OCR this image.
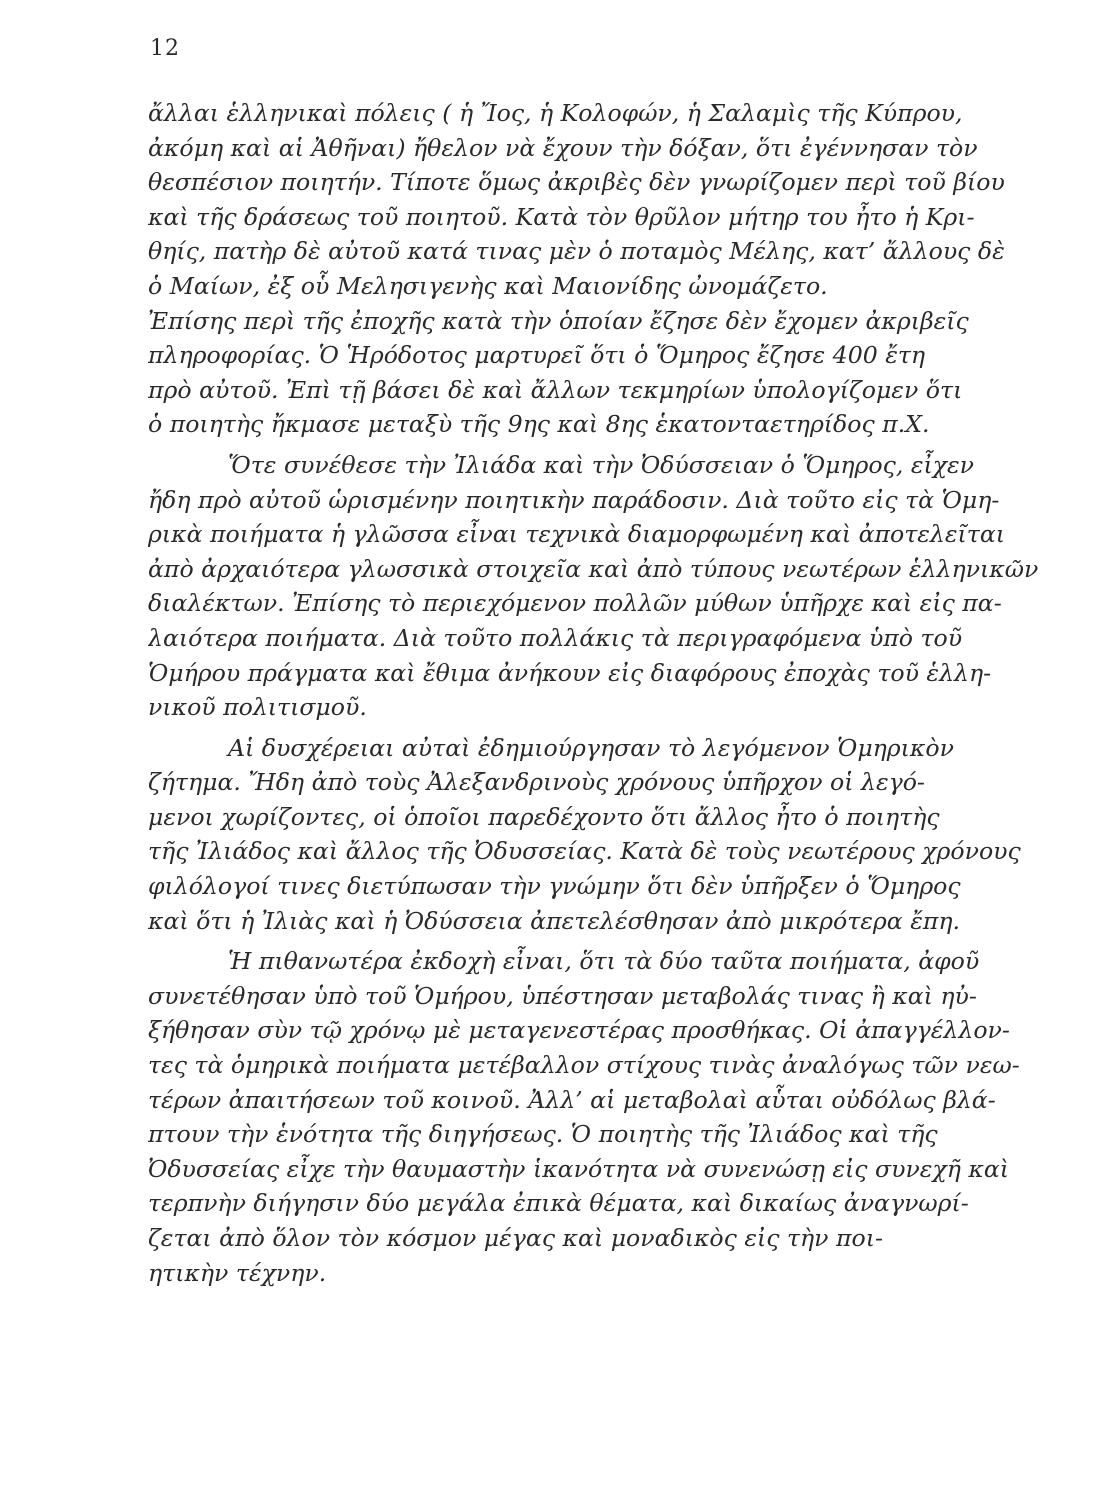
12
ἄλλαι ἑλληνικαὶ πόλεις ( ἡ Ἴος, ἡ Κολοφών, ἡ Σαλαμὶς τῆς Κύπρου,
ἀκόμη καὶ αἱ Ἀθῆναι) ἤθελον νὰ ἔχουν τὴν δόξαν, ὅτι ἐγέννησαν τὸν
θεσπέσιον ποιητήν. Τίποτε ὅμως ἀκριβὲς δὲν γνωρίζομεν περὶ τοῦ βίου
καὶ τῆς δράσεως τοῦ ποιητοῦ. Κατὰ τὸν θρῦλον μήτηρ του ἦτο ἡ Κρι-
θηίς, πατὴρ δὲ αὐτοῦ κατά τινας μὲν ὁ ποταμὸς Μέλης, κατ’ ἄλλους δὲ
ὁ Μαίων, ἐξ οὗ Μελησιγενὴς καὶ Μαιονίδης ὠνομάζετο.
Ἐπίσης περὶ τῆς ἐποχῆς κατὰ τὴν ὁποίαν ἔζησε δὲν ἔχομεν ἀκριβεῖς
πληροφορίας. Ὁ Ἡρόδοτος μαρτυρεῖ ὅτι ὁ Ὅμηρος ἔζησε 400 ἔτη
πρὸ αὐτοῦ. Ἐπὶ τῇ βάσει δὲ καὶ ἄλλων τεκμηρίων ὑπολογίζομεν ὅτι
ὁ ποιητὴς ἤκμασε μεταξὺ τῆς 9ης καὶ 8ης ἑκατονταετηρίδος π.Χ.
Ὅτε συνέθεσε τὴν Ἰλιάδα καὶ τὴν Ὀδύσσειαν ὁ Ὅμηρος, εἶχεν
ἤδη πρὸ αὐτοῦ ὡρισμένην ποιητικὴν παράδοσιν. Διὰ τοῦτο εἰς τὰ Ὁμη-
ρικὰ ποιήματα ἡ γλῶσσα εἶναι τεχνικὰ διαμορφωμένη καὶ ἀποτελεῖται
ἀπὸ ἀρχαιότερα γλωσσικὰ στοιχεῖα καὶ ἀπὸ τύπους νεωτέρων ἑλληνικῶν
διαλέκτων. Ἐπίσης τὸ περιεχόμενον πολλῶν μύθων ὑπῆρχε καὶ εἰς πα-
λαιότερα ποιήματα. Διὰ τοῦτο πολλάκις τὰ περιγραφόμενα ὑπὸ τοῦ
Ὁμήρου πράγματα καὶ ἔθιμα ἀνήκουν εἰς διαφόρους ἐποχὰς τοῦ ἑλλη-
νικοῦ πολιτισμοῦ.
Αἱ δυσχέρειαι αὐταὶ ἐδημιούργησαν τὸ λεγόμενον Ὁμηρικὸν
ζήτημα. Ἤδη ἀπὸ τοὺς Ἀλεξανδρινοὺς χρόνους ὑπῆρχον οἱ λεγό-
μενοι χωρίζοντες, οἱ ὁποῖοι παρεδέχοντο ὅτι ἄλλος ἦτο ὁ ποιητὴς
τῆς Ἰλιάδος καὶ ἄλλος τῆς Ὀδυσσείας. Κατὰ δὲ τοὺς νεωτέρους χρόνους
φιλόλογοί τινες διετύπωσαν τὴν γνώμην ὅτι δὲν ὑπῆρξεν ὁ Ὅμηρος
καὶ ὅτι ἡ Ἰλιὰς καὶ ἡ Ὀδύσσεια ἀπετελέσθησαν ἀπὸ μικρότερα ἔπη.
Ἡ πιθανωτέρα ἐκδοχὴ εἶναι, ὅτι τὰ δύο ταῦτα ποιήματα, ἀφοῦ
συνετέθησαν ὑπὸ τοῦ Ὁμήρου, ὑπέστησαν μεταβολάς τινας ἢ καὶ ηὐ-
ξήθησαν σὺν τῷ χρόνῳ μὲ μεταγενεστέρας προσθήκας. Οἱ ἀπαγγέλλον-
τες τὰ ὁμηρικὰ ποιήματα μετέβαλλον στίχους τινὰς ἀναλόγως τῶν νεω-
τέρων ἀπαιτήσεων τοῦ κοινοῦ. Ἀλλ’ αἱ μεταβολαὶ αὗται οὐδόλως βλά-
πτουν τὴν ἑνότητα τῆς διηγήσεως. Ὁ ποιητὴς τῆς Ἰλιάδος καὶ τῆς
Ὀδυσσείας εἶχε τὴν θαυμαστὴν ἱκανότητα νὰ συνενώσῃ εἰς συνεχῆ καὶ
τερπνὴν διήγησιν δύο μεγάλα ἐπικὰ θέματα, καὶ δικαίως ἀναγνωρί-
ζεται ἀπὸ ὅλον τὸν κόσμον μέγας καὶ μοναδικὸς εἰς τὴν ποι-
ητικὴν τέχνην.
